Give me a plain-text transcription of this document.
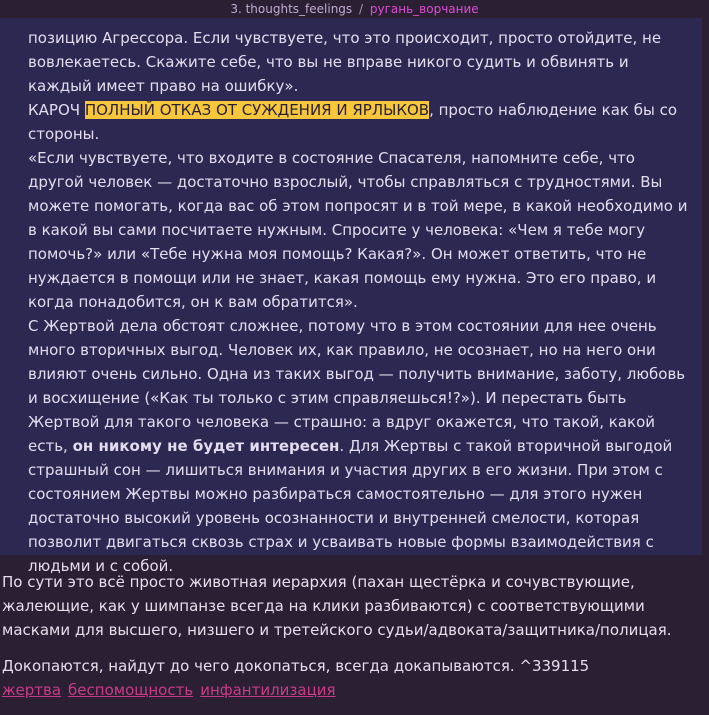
3. thoughts_feelings / ругань_ворчание

позицию Агрессора. Если чувствуете, что это происходит, просто отойдите, не вовлекаетесь. Скажите себе, что вы не вправе никого судить и обвинять и каждый имеет право на ошибку».

КАРОЧ ПОЛНЫЙ ОТКАЗ ОТ СУЖДЕНИЯ И ЯРЛЫКОВ, просто наблюдение как бы со стороны.

«Если чувствуете, что входите в состояние Спасателя, напомните себе, что другой человек — достаточно взрослый, чтобы справляться с трудностями. Вы можете помогать, когда вас об этом попросят и в той мере, в какой необходимо и в какой вы сами посчитаете нужным. Спросите у человека: «Чем я тебе могу помочь?» или «Тебе нужна моя помощь? Какая?». Он может ответить, что не нуждается в помощи или не знает, какая помощь ему нужна. Это его право, и когда понадобится, он к вам обратится».

С Жертвой дела обстоят сложнее, потому что в этом состоянии для нее очень много вторичных выгод. Человек их, как правило, не осознает, но на него они влияют очень сильно. Одна из таких выгод — получить внимание, заботу, любовь и восхищение («Как ты только с этим справляешься!?»). И перестать быть Жертвой для такого человека — страшно: а вдруг окажется, что такой, какой есть, он никому не будет интересен. Для Жертвы с такой вторичной выгодой страшный сон — лишиться внимания и участия других в его жизни. При этом с состоянием Жертвы можно разбираться самостоятельно — для этого нужен достаточно высокий уровень осознанности и внутренней смелости, которая позволит двигаться сквозь страх и усваивать новые формы взаимодействия с людьми и с собой.

По сути это всё просто животная иерархия (пахан щестёрка и сочувствующие, жалеющие, как у шимпанзе всегда на клики разбиваются) с соответствующими масками для высшего, низшего и третейского судьи/адвоката/защитника/полицая.

Докопаются, найдут до чего докопаться, всегда докапываются. ^339115

жертва беспомощность инфантилизация
